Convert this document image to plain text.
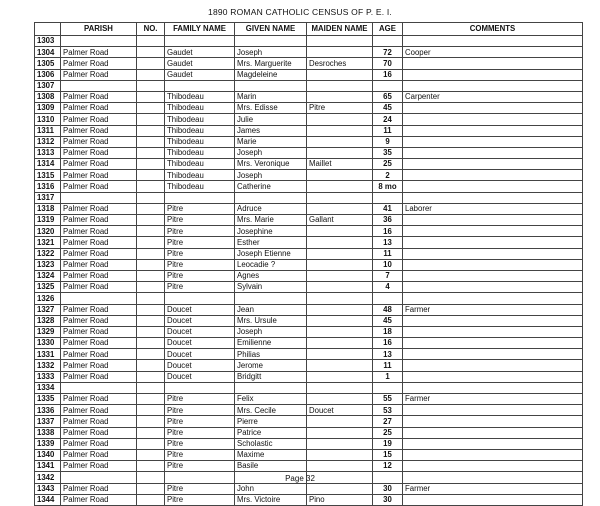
1890 ROMAN CATHOLIC CENSUS OF P. E. I.
	PARISH	NO.	FAMILY NAME	GIVEN NAME	MAIDEN NAME	AGE	COMMENTS
1303							
1304	Palmer Road		Gaudet	Joseph		72	Cooper
1305	Palmer Road		Gaudet	Mrs. Marguerite	Desroches	70	
1306	Palmer Road		Gaudet	Magdeleine		16	
1307							
1308	Palmer Road		Thibodeau	Marin		65	Carpenter
1309	Palmer Road		Thibodeau	Mrs. Edisse	Pitre	45	
1310	Palmer Road		Thibodeau	Julie		24	
1311	Palmer Road		Thibodeau	James		11	
1312	Palmer Road		Thibodeau	Marie		9	
1313	Palmer Road		Thibodeau	Joseph		35	
1314	Palmer Road		Thibodeau	Mrs. Veronique	Maillet	25	
1315	Palmer Road		Thibodeau	Joseph		2	
1316	Palmer Road		Thibodeau	Catherine		8 mo	
1317							
1318	Palmer Road		Pitre	Adruce		41	Laborer
1319	Palmer Road		Pitre	Mrs. Marie	Gallant	36	
1320	Palmer Road		Pitre	Josephine		16	
1321	Palmer Road		Pitre	Esther		13	
1322	Palmer Road		Pitre	Joseph Etienne		11	
1323	Palmer Road		Pitre	Leocadie ?		10	
1324	Palmer Road		Pitre	Agnes		7	
1325	Palmer Road		Pitre	Sylvain		4	
1326							
1327	Palmer Road		Doucet	Jean		48	Farmer
1328	Palmer Road		Doucet	Mrs. Ursule		45	
1329	Palmer Road		Doucet	Joseph		18	
1330	Palmer Road		Doucet	Emilienne		16	
1331	Palmer Road		Doucet	Philias		13	
1332	Palmer Road		Doucet	Jerome		11	
1333	Palmer Road		Doucet	Bridgitt		1	
1334							
1335	Palmer Road		Pitre	Felix		55	Farmer
1336	Palmer Road		Pitre	Mrs. Cecile	Doucet	53	
1337	Palmer Road		Pitre	Pierre		27	
1338	Palmer Road		Pitre	Patrice		25	
1339	Palmer Road		Pitre	Scholastic		19	
1340	Palmer Road		Pitre	Maxime		15	
1341	Palmer Road		Pitre	Basile		12	
1342							
1343	Palmer Road		Pitre	John		30	Farmer
1344	Palmer Road		Pitre	Mrs. Victoire	Pino	30	
Page 32
